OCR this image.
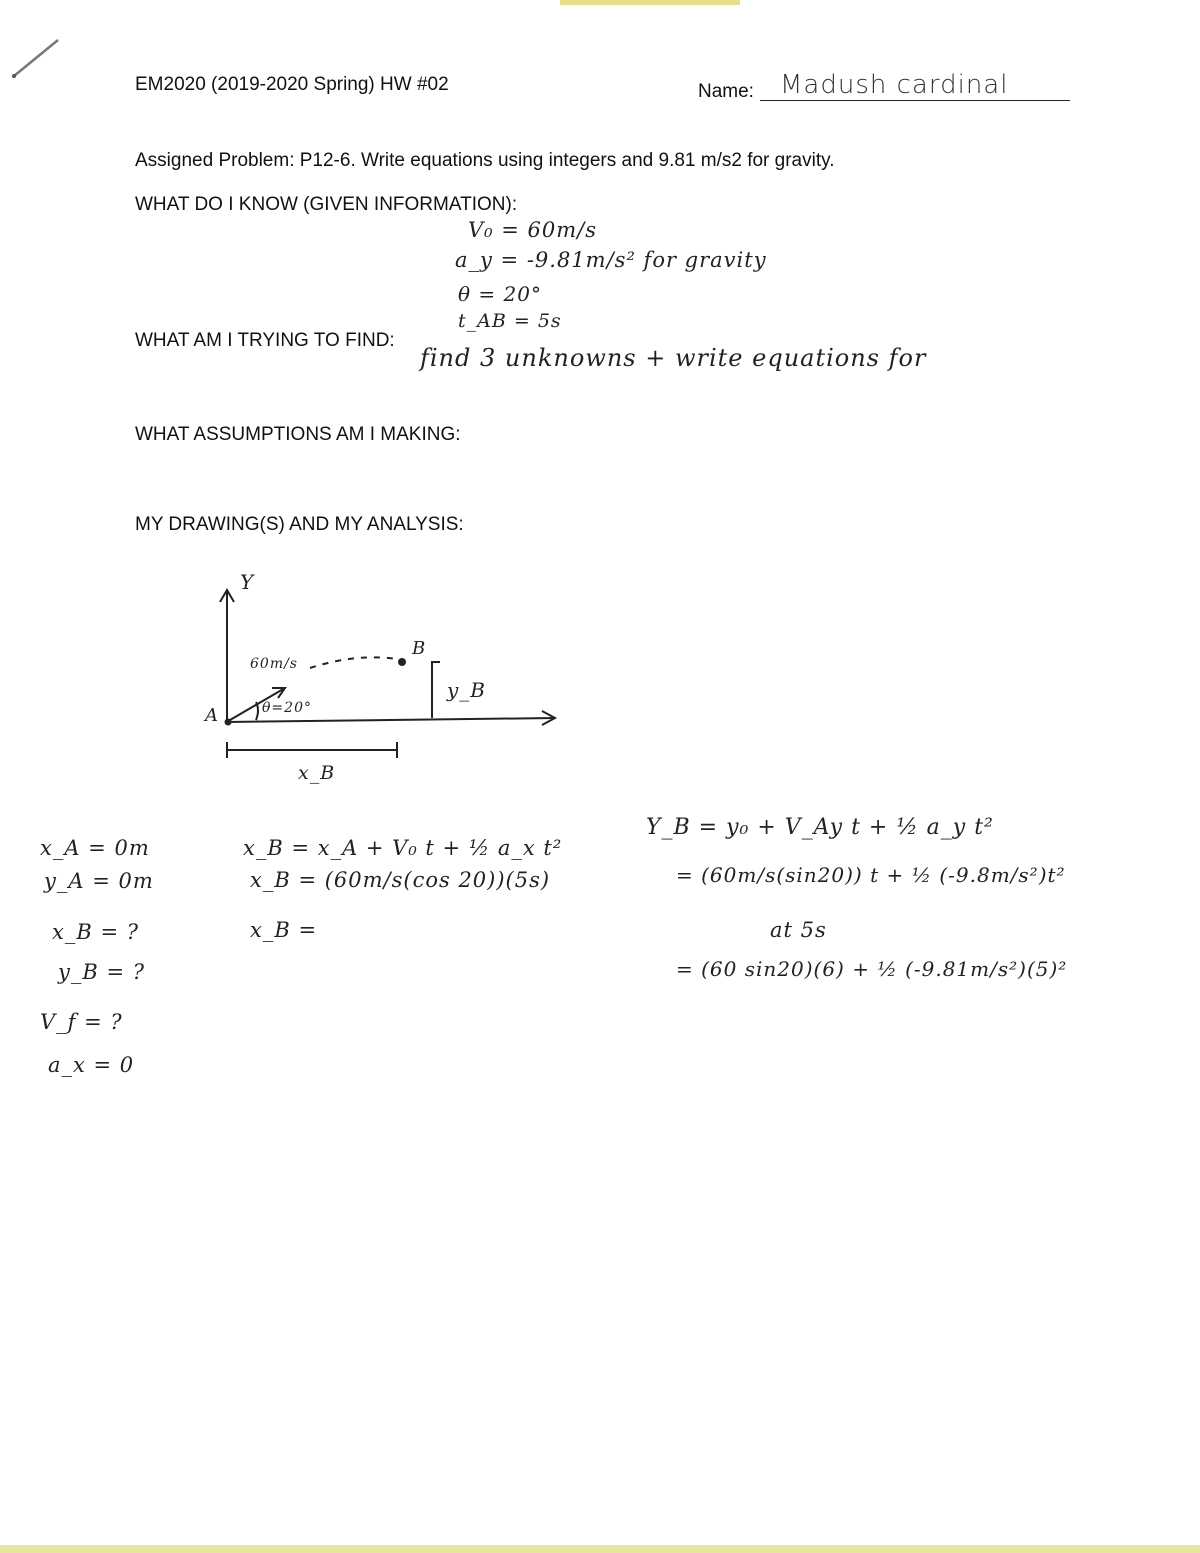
EM2020 (2019-2020 Spring) HW #02	Name: Madush cardinal
Assigned Problem: P12-6. Write equations using integers and 9.81 m/s2 for gravity.
WHAT DO I KNOW (GIVEN INFORMATION):
V₀ = 60m/s
a_y = -9.81m/s² for gravity
θ = 20°
t_AB = 5s
WHAT AM I TRYING TO FIND:
find 3 unknowns + write equations for
WHAT ASSUMPTIONS AM I MAKING:
MY DRAWING(S) AND MY ANALYSIS:
Y
A
B
60m/s
θ=20°
y_B
x_B
x_A = 0m
y_A = 0m
x_B = ?
y_B = ?
V_f = ?
a_x = 0
x_B = x_A + V₀ t + ½ a_x t²
x_B = (60m/s(cos 20))(5s)
x_B =
Y_B = y₀ + V_Ay t + ½ a_y t²
= (60m/s(sin20)) t + ½ (-9.8m/s²)t²
at 5s
= (60 sin20)(6) + ½ (-9.81m/s²)(5)²
